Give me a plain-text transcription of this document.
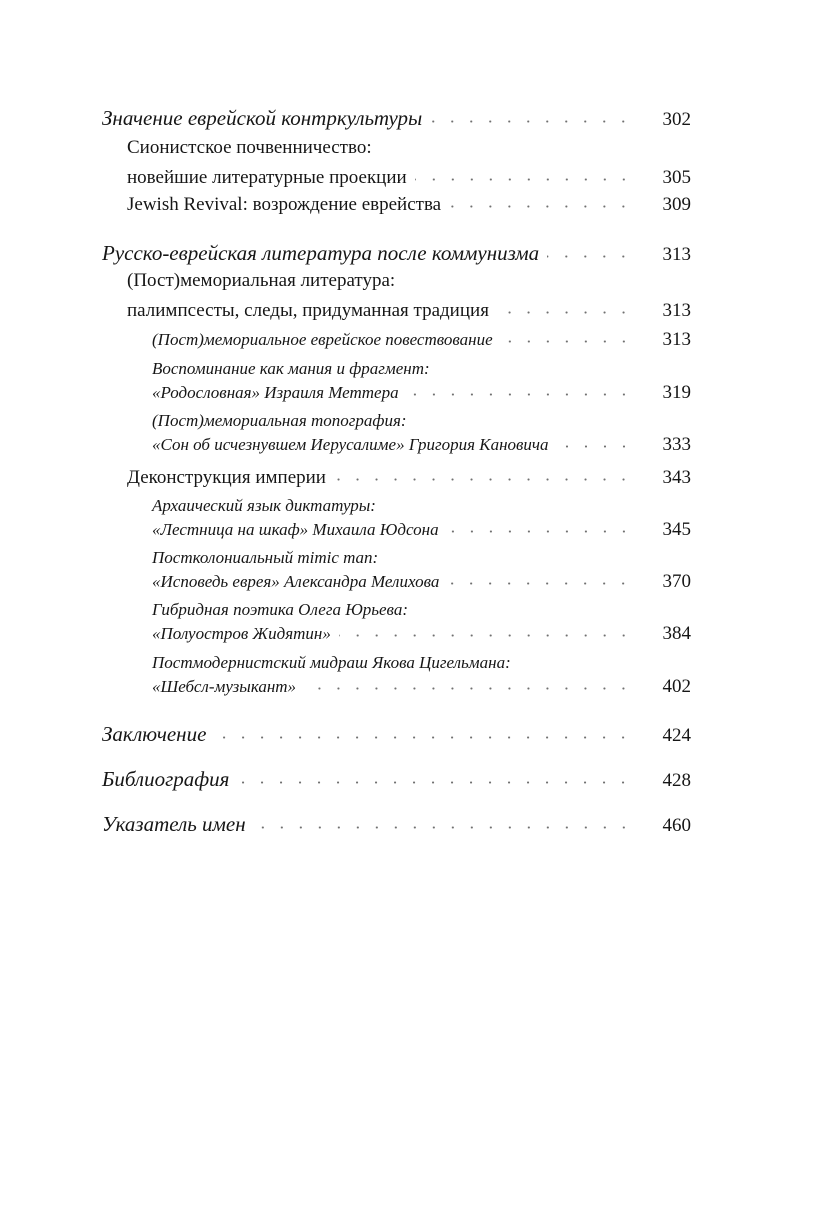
Значение еврейской контркультуры	302
Сионистское почвенничество:
новейшие литературные проекции	305
Jewish Revival: возрождение еврейства	309
Русско-еврейская литература после коммунизма	313
(Пост)мемориальная литература:
палимпсесты, следы, придуманная традиция	313
(Пост)мемориальное еврейское повествование	313
Воспоминание как мания и фрагмент:
«Родословная» Израиля Меттера	319
(Пост)мемориальная топография:
«Сон об исчезнувшем Иерусалиме» Григория Кановича	333
Деконструкция империи	343
Архаический язык диктатуры:
«Лестница на шкаф» Михаила Юдсона	345
Постколониальный mimic man:
«Исповедь еврея» Александра Мелихова	370
Гибридная поэтика Олега Юрьева:
«Полуостров Жидятин»	384
Постмодернистский мидраш Якова Цигельмана:
«Шебсл-музыкант»	402
Заключение	424
Библиография	428
Указатель имен	460
